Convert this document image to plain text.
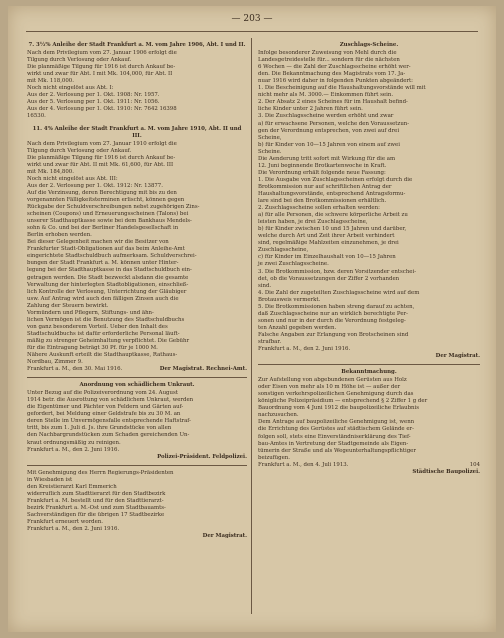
— 203 —
7. 3½% Anleihe der Stadt Frankfurt a. M. vom Jahre 1906, Abt. I und II.
Nach dem Privilegium vom 27. Januar 1906 erfolgt die
Tilgung durch Verlosung oder Ankauf.
Die planmäßige Tilgung für 1916 ist durch Ankauf be-
wirkt und zwar für Abt. I mit Mk. 104,000, für Abt. II
mit Mk. 118,000.
Noch nicht eingelöst aus Abt. I:
Aus der 2. Verlosung per 1. Okt. 1908: Nr. 1957.
Aus der 5. Verlosung per 1. Okt. 1911: Nr. 1056.
Aus der 4. Verlosung per 1. Okt. 1910: Nr. 7642 16398
16530.
11. 4% Anleihe der Stadt Frankfurt a. M. vom Jahre 1910, Abt. II und III.
Nach dem Privilegium vom 27. Januar 1910 erfolgt die
Tilgung durch Verlosung oder Ankauf.
Die planmäßige Tilgung für 1916 ist durch Ankauf be-
wirkt und zwar für Abt. II mit Mk. 61,600, für Abt. III
mit Mk. 184,800.
Noch nicht eingelöst aus Abt. III:
Aus der 2. Verlosung per 1. Okt. 1912: Nr. 13877.
Auf die Verzinsung, deren Berechtigung mit bis zu den
vorgenannten Fälligkeitsterminen erlischt, können gegen
Rückgabe der Schuldverschreibungen nebst zugehörigen Zins-
scheinen (Coupons) und Erneuerungsscheinen (Talons) bei
unserer Stadthauptkasse sowie bei dem Bankhaus Mendels-
sohn & Co. und bei der Berliner Handelsgesellschaft in
Berlin erhoben werden.
Bei dieser Gelegenheit machen wir die Besitzer von
Frankfurter Stadt-Obligationen auf das beim Anleihe-Amt
eingerichtete Stadtschuldbuch aufmerksam. Schuldverschrei-
bungen der Stadt Frankfurt a. M. können unter Hinter-
legung bei der Stadthauptkasse in das Stadtschuldbuch ein-
getragen werden. Die Stadt bezweckt alsdann die gesamte
Verwaltung der hinterlegten Stadtobligationen, einschließ-
lich Kontrolle der Verlosung, Unterrichtung der Gläubiger
usw. Auf Antrag wird auch den fälligen Zinsen auch die
Zahlung der Steuern bewirkt.
Vormündern und Pflegern, Stiftungs- und ähn-
lichen Vermögen ist die Benutzung des Stadtschuldbuchs
von ganz besonderem Vorteil. Ueber den Inhalt des
Stadtschuldbuchs ist dafür erforderliche Personal läuft-
mäßig zu strenger Geheimhaltung verpflichtet. Die Gebühr
für die Eintragung beträgt 30 Pf. für je 1000 M.
Nähere Auskunft erteilt die Stadthauptkasse, Rathaus-
Nordbau, Zimmer 9.
Frankfurt a. M., den 30. Mai 1916.	Der Magistrat. Rechnei-Amt.
Anordnung von schädlichem Unkraut.
Unter Bezug auf die Polizeiverordnung vom 24. August
1914 betr. die Ausrottung von schädlichem Unkraut, werden
die Eigentümer und Pächter von Feldern und Gärten auf-
gefordert, bei Meldung einer Geldstrafe bis zu 30 M. an
deren Stelle im Unvermögensfalle entsprechende Haftstraf-
tritt, bis zum 1. Juli d. Js. ihre Grundstücke von allen
den Nachbargrundstücken zum Schaden gereichenden Un-
kraut ordnungsmäßig zu reinigen.
Frankfurt a. M., den 2. Juni 1916.
Polizei-Präsident. Feldpolizei.
Mit Genehmigung des Herrn Regierungs-Präsidenten
in Wiesbaden ist
den Kreistierarzt Karl Emmerich
widerruflich zum Stadttierarzt für den Stadtbezirk
Frankfurt a. M. bestellt und für den Stadttierarzt-
bezirk Frankfurt a. M.-Ost und zum Stadtbauamts-
Sachverständigen für die übrigen 17 Stadtbezirke
Frankfurt erneuert worden.
Frankfurt a. M., den 2. Juni 1916.
Der Magistrat.
Zuschlags-Scheine.
Infolge besonderer Zuweisung von Mehl durch die
Landesgetreidestelle für... sondern für die nächsten
6 Wochen — die Zahl der Zuschlagsscheine erhöht wer-
den. Die Bekanntmachung des Magistrats vom 17. Ja-
nuar 1916 wird daher in folgenden Punkten abgeändert:
1. Die Bescheinigung auf die Haushaltungsvorstände will mit
nicht mehr als M. 3000.— Einkommen führt sein.
2. Der Absatz 2 eines Scheines für im Haushalt befind-
liche Kinder unter 2 Jahren führt sein.
3. Die Zuschlagsscheine werden erhöht und zwar
a) für erwachsene Personen, welche den Voraussetzun-
gen der Verordnung entsprechen, von zwei auf drei
Scheine,
b) für Kinder von 10—15 Jahren von einem auf zwei
Scheine.
Die Aenderung tritt sofort mit Wirkung für die am
12. Juni beginnende Brotkartenwoche in Kraft.
Die Verordnung erhält folgende neue Fassung:
1. Die Ausgabe von Zuschlagsscheinen erfolgt durch die
Brotkommission nur auf schriftlichen Antrag der
Haushaltungsvorstände, entsprechend Antragsformu-
lare sind bei den Brotkommissionen erhältlich.
2. Zuschlagsscheine sollen erhalten werden:
a) für alle Personen, die schwere körperliche Arbeit zu
leisten haben, je drei Zuschlagsscheine,
b) für Kinder zwischen 10 und 15 Jahren und darüber,
welche durch Art und Zeit ihrer Arbeit verhindert
sind, regelmäßige Mahlzeiten einzunehmen, je drei
Zuschlagsscheine,
c) für Kinder im Einzelhaushalt von 10—15 Jahren
je zwei Zuschlagsscheine.
3. Die Brotkommission, bzw. deren Vorsitzender entschei-
det, ob die Voraussetzungen der Ziffer 2 vorhanden
sind.
4. Die Zahl der zugeteilten Zuschlagsscheine wird auf dem
Brotausweis vermerkt.
5. Die Brotkommissionen haben streng darauf zu achten,
daß Zuschlagsscheine nur an wirklich berechtigte Per-
sonen und nur in der durch die Verordnung festgeleg-
ten Anzahl gegeben werden.
Falsche Angaben zur Erlangung von Brotscheinen sind
strafbar.
Frankfurt a. M., den 2. Juni 1916.
Der Magistrat.
Bekanntmachung.
Zur Aufstellung von abgebundenen Gerüsten aus Holz
oder Eisen von mehr als 10 m Höhe ist — außer der
sonstigen verkehrspolizeilichen Genehmigung durch das
königliche Polizeipräsidium — entsprechend § 2 Ziffer 1 g der
Bauordnung vom 4 Juni 1912 die baupolizeiliche Erlaubnis
nachzusuchen.
Dem Antrage auf baupolizeiliche Genehmigung ist, wenn
die Errichtung des Gerüstes auf städtischem Gelände er-
folgen soll, stets eine Einverständniserklärung des Tief-
bau-Amtes in Vertretung der Stadtgemeinde als Eigen-
tümerin der Straße und als Wegeunterhaltungspflichtiger
beizufügen.
Frankfurt a. M., den 4. Juli 1913.	104
Städtische Baupolizei.
